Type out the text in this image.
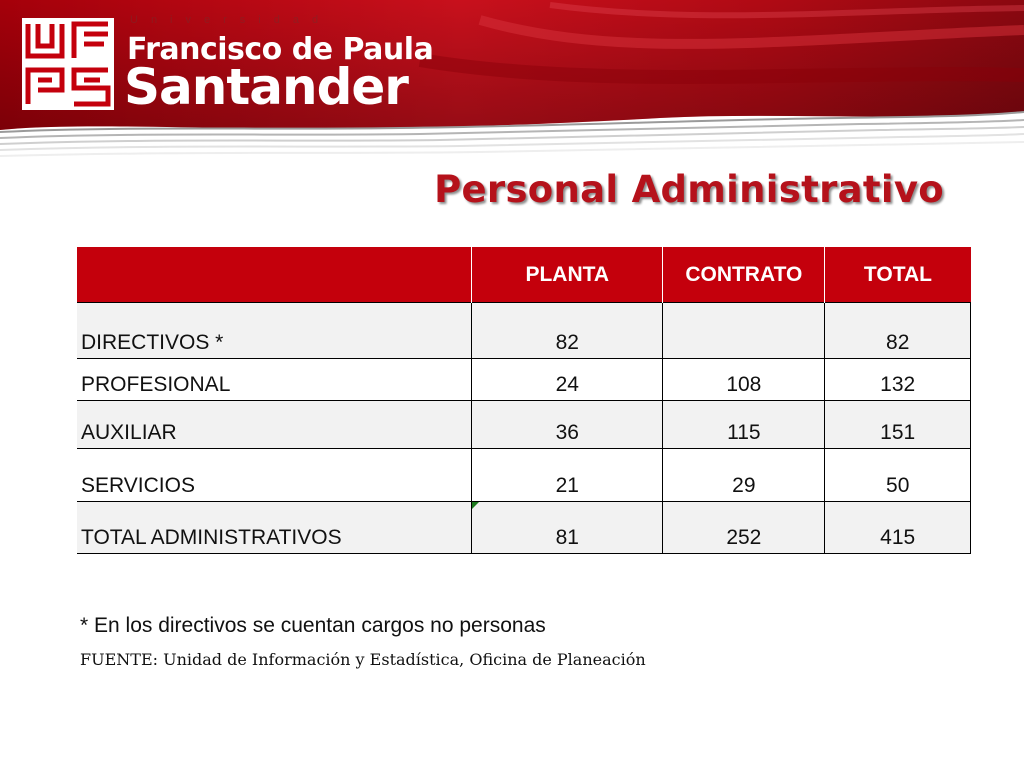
Universidad
Francisco de Paula
Santander
Personal Administrativo
	PLANTA	CONTRATO	TOTAL
DIRECTIVOS *	82		82
PROFESIONAL	24	108	132
AUXILIAR	36	115	151
SERVICIOS	21	29	50
TOTAL ADMINISTRATIVOS	81	252	415
* En los directivos se cuentan cargos no personas
FUENTE: Unidad de Información y Estadística, Oficina de Planeación
